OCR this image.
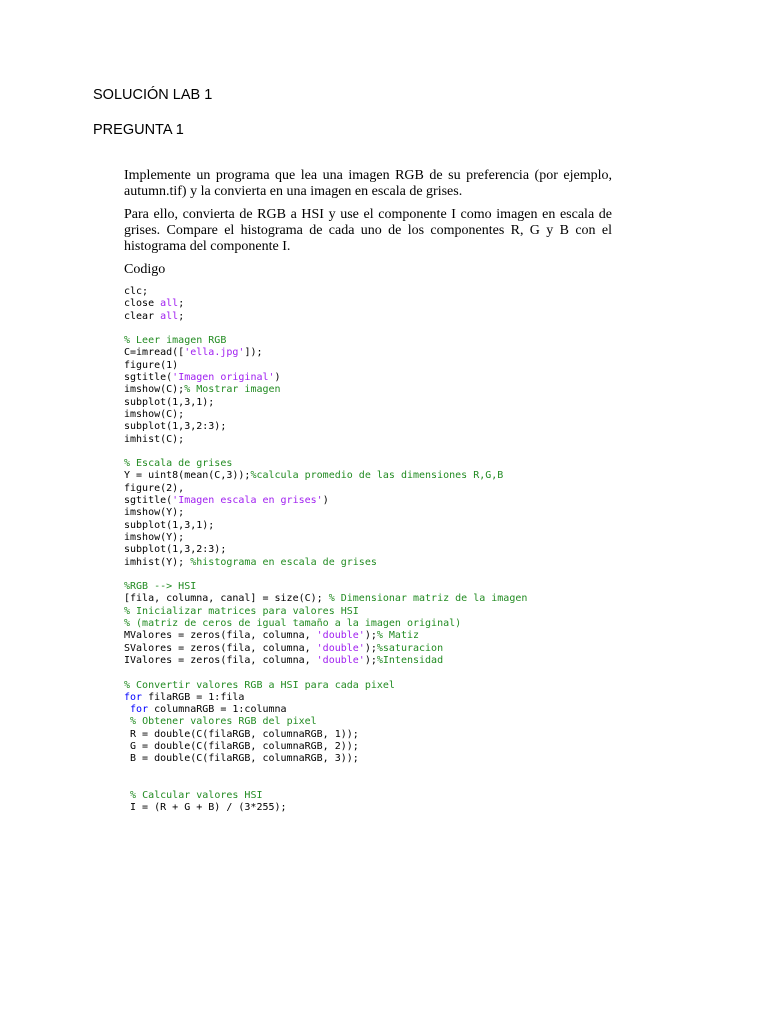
SOLUCIÓN LAB 1

PREGUNTA 1

Implemente un programa que lea una imagen RGB de su preferencia (por ejemplo, autumn.tif) y la convierta en una imagen en escala de grises.

Para ello, convierta de RGB a HSI y use el componente I como imagen en escala de grises. Compare el histograma de cada uno de los componentes R, G y B con el histograma del componente I.

Codigo

clc;
close all;
clear all;
% Leer imagen RGB
C=imread(['ella.jpg']);
figure(1)
sgtitle('Imagen original')
imshow(C);% Mostrar imagen
subplot(1,3,1);
imshow(C);
subplot(1,3,2:3);
imhist(C);
% Escala de grises
Y = uint8(mean(C,3));%calcula promedio de las dimensiones R,G,B
figure(2),
sgtitle('Imagen escala en grises')
imshow(Y);
subplot(1,3,1);
imshow(Y);
subplot(1,3,2:3);
imhist(Y); %histograma en escala de grises
%RGB --> HSI
[fila, columna, canal] = size(C); % Dimensionar matriz de la imagen
% Inicializar matrices para valores HSI
% (matriz de ceros de igual tamaño a la imagen original)
MValores = zeros(fila, columna, 'double');% Matiz
SValores = zeros(fila, columna, 'double');%saturacion
IValores = zeros(fila, columna, 'double');%Intensidad
% Convertir valores RGB a HSI para cada pixel
for filaRGB = 1:fila
for columnaRGB = 1:columna
% Obtener valores RGB del pixel
R = double(C(filaRGB, columnaRGB, 1));
G = double(C(filaRGB, columnaRGB, 2));
B = double(C(filaRGB, columnaRGB, 3));
% Calcular valores HSI
I = (R + G + B) / (3*255);
